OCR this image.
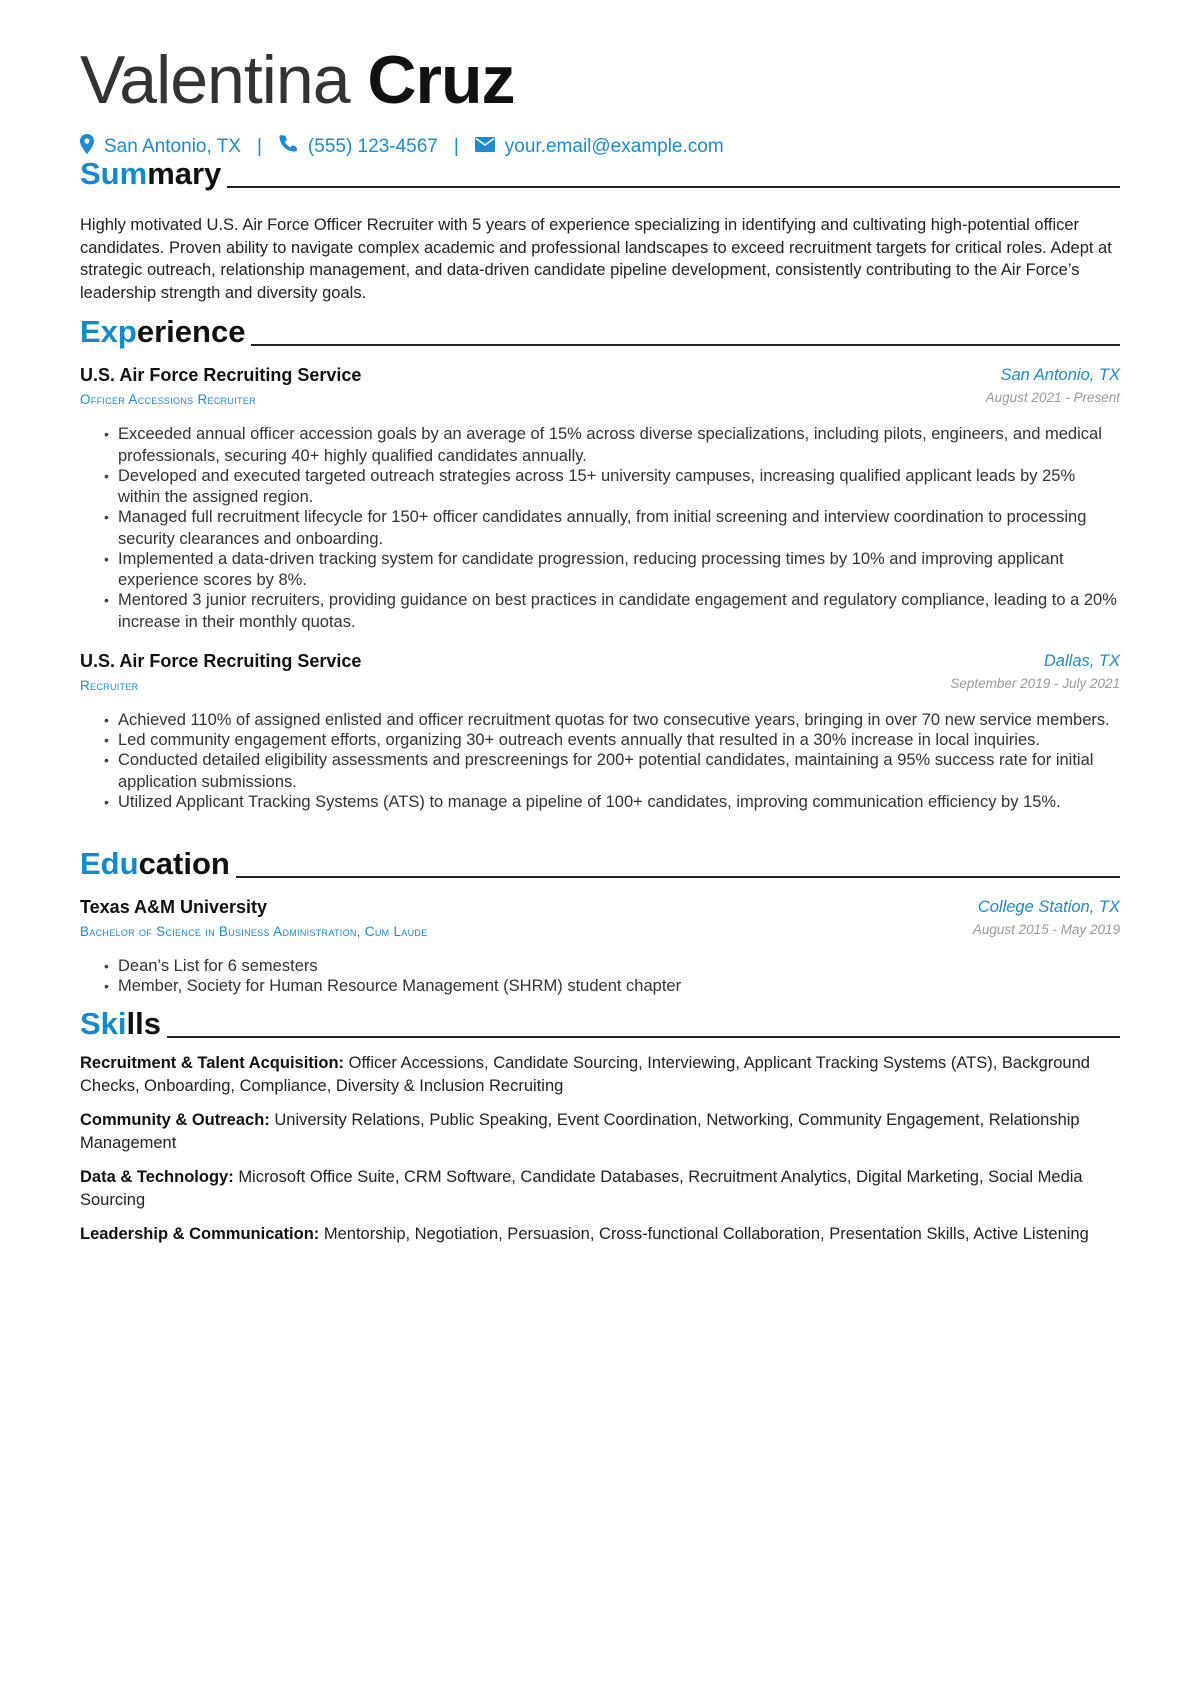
Valentina Cruz
San Antonio, TX | (555) 123-4567 | your.email@example.com
Summary
Highly motivated U.S. Air Force Officer Recruiter with 5 years of experience specializing in identifying and cultivating high-potential officer candidates. Proven ability to navigate complex academic and professional landscapes to exceed recruitment targets for critical roles. Adept at strategic outreach, relationship management, and data-driven candidate pipeline development, consistently contributing to the Air Force’s leadership strength and diversity goals.
Experience
U.S. Air Force Recruiting Service	San Antonio, TX
Officer Accessions Recruiter	August 2021 - Present
• Exceeded annual officer accession goals by an average of 15% across diverse specializations, including pilots, engineers, and medical professionals, securing 40+ highly qualified candidates annually.
• Developed and executed targeted outreach strategies across 15+ university campuses, increasing qualified applicant leads by 25% within the assigned region.
• Managed full recruitment lifecycle for 150+ officer candidates annually, from initial screening and interview coordination to processing security clearances and onboarding.
• Implemented a data-driven tracking system for candidate progression, reducing processing times by 10% and improving applicant experience scores by 8%.
• Mentored 3 junior recruiters, providing guidance on best practices in candidate engagement and regulatory compliance, leading to a 20% increase in their monthly quotas.
U.S. Air Force Recruiting Service	Dallas, TX
Recruiter	September 2019 - July 2021
• Achieved 110% of assigned enlisted and officer recruitment quotas for two consecutive years, bringing in over 70 new service members.
• Led community engagement efforts, organizing 30+ outreach events annually that resulted in a 30% increase in local inquiries.
• Conducted detailed eligibility assessments and prescreenings for 200+ potential candidates, maintaining a 95% success rate for initial application submissions.
• Utilized Applicant Tracking Systems (ATS) to manage a pipeline of 100+ candidates, improving communication efficiency by 15%.
Education
Texas A&M University	College Station, TX
Bachelor of Science in Business Administration, Cum Laude	August 2015 - May 2019
• Dean’s List for 6 semesters
• Member, Society for Human Resource Management (SHRM) student chapter
Skills
Recruitment & Talent Acquisition: Officer Accessions, Candidate Sourcing, Interviewing, Applicant Tracking Systems (ATS), Background Checks, Onboarding, Compliance, Diversity & Inclusion Recruiting
Community & Outreach: University Relations, Public Speaking, Event Coordination, Networking, Community Engagement, Relationship Management
Data & Technology: Microsoft Office Suite, CRM Software, Candidate Databases, Recruitment Analytics, Digital Marketing, Social Media Sourcing
Leadership & Communication: Mentorship, Negotiation, Persuasion, Cross-functional Collaboration, Presentation Skills, Active Listening
